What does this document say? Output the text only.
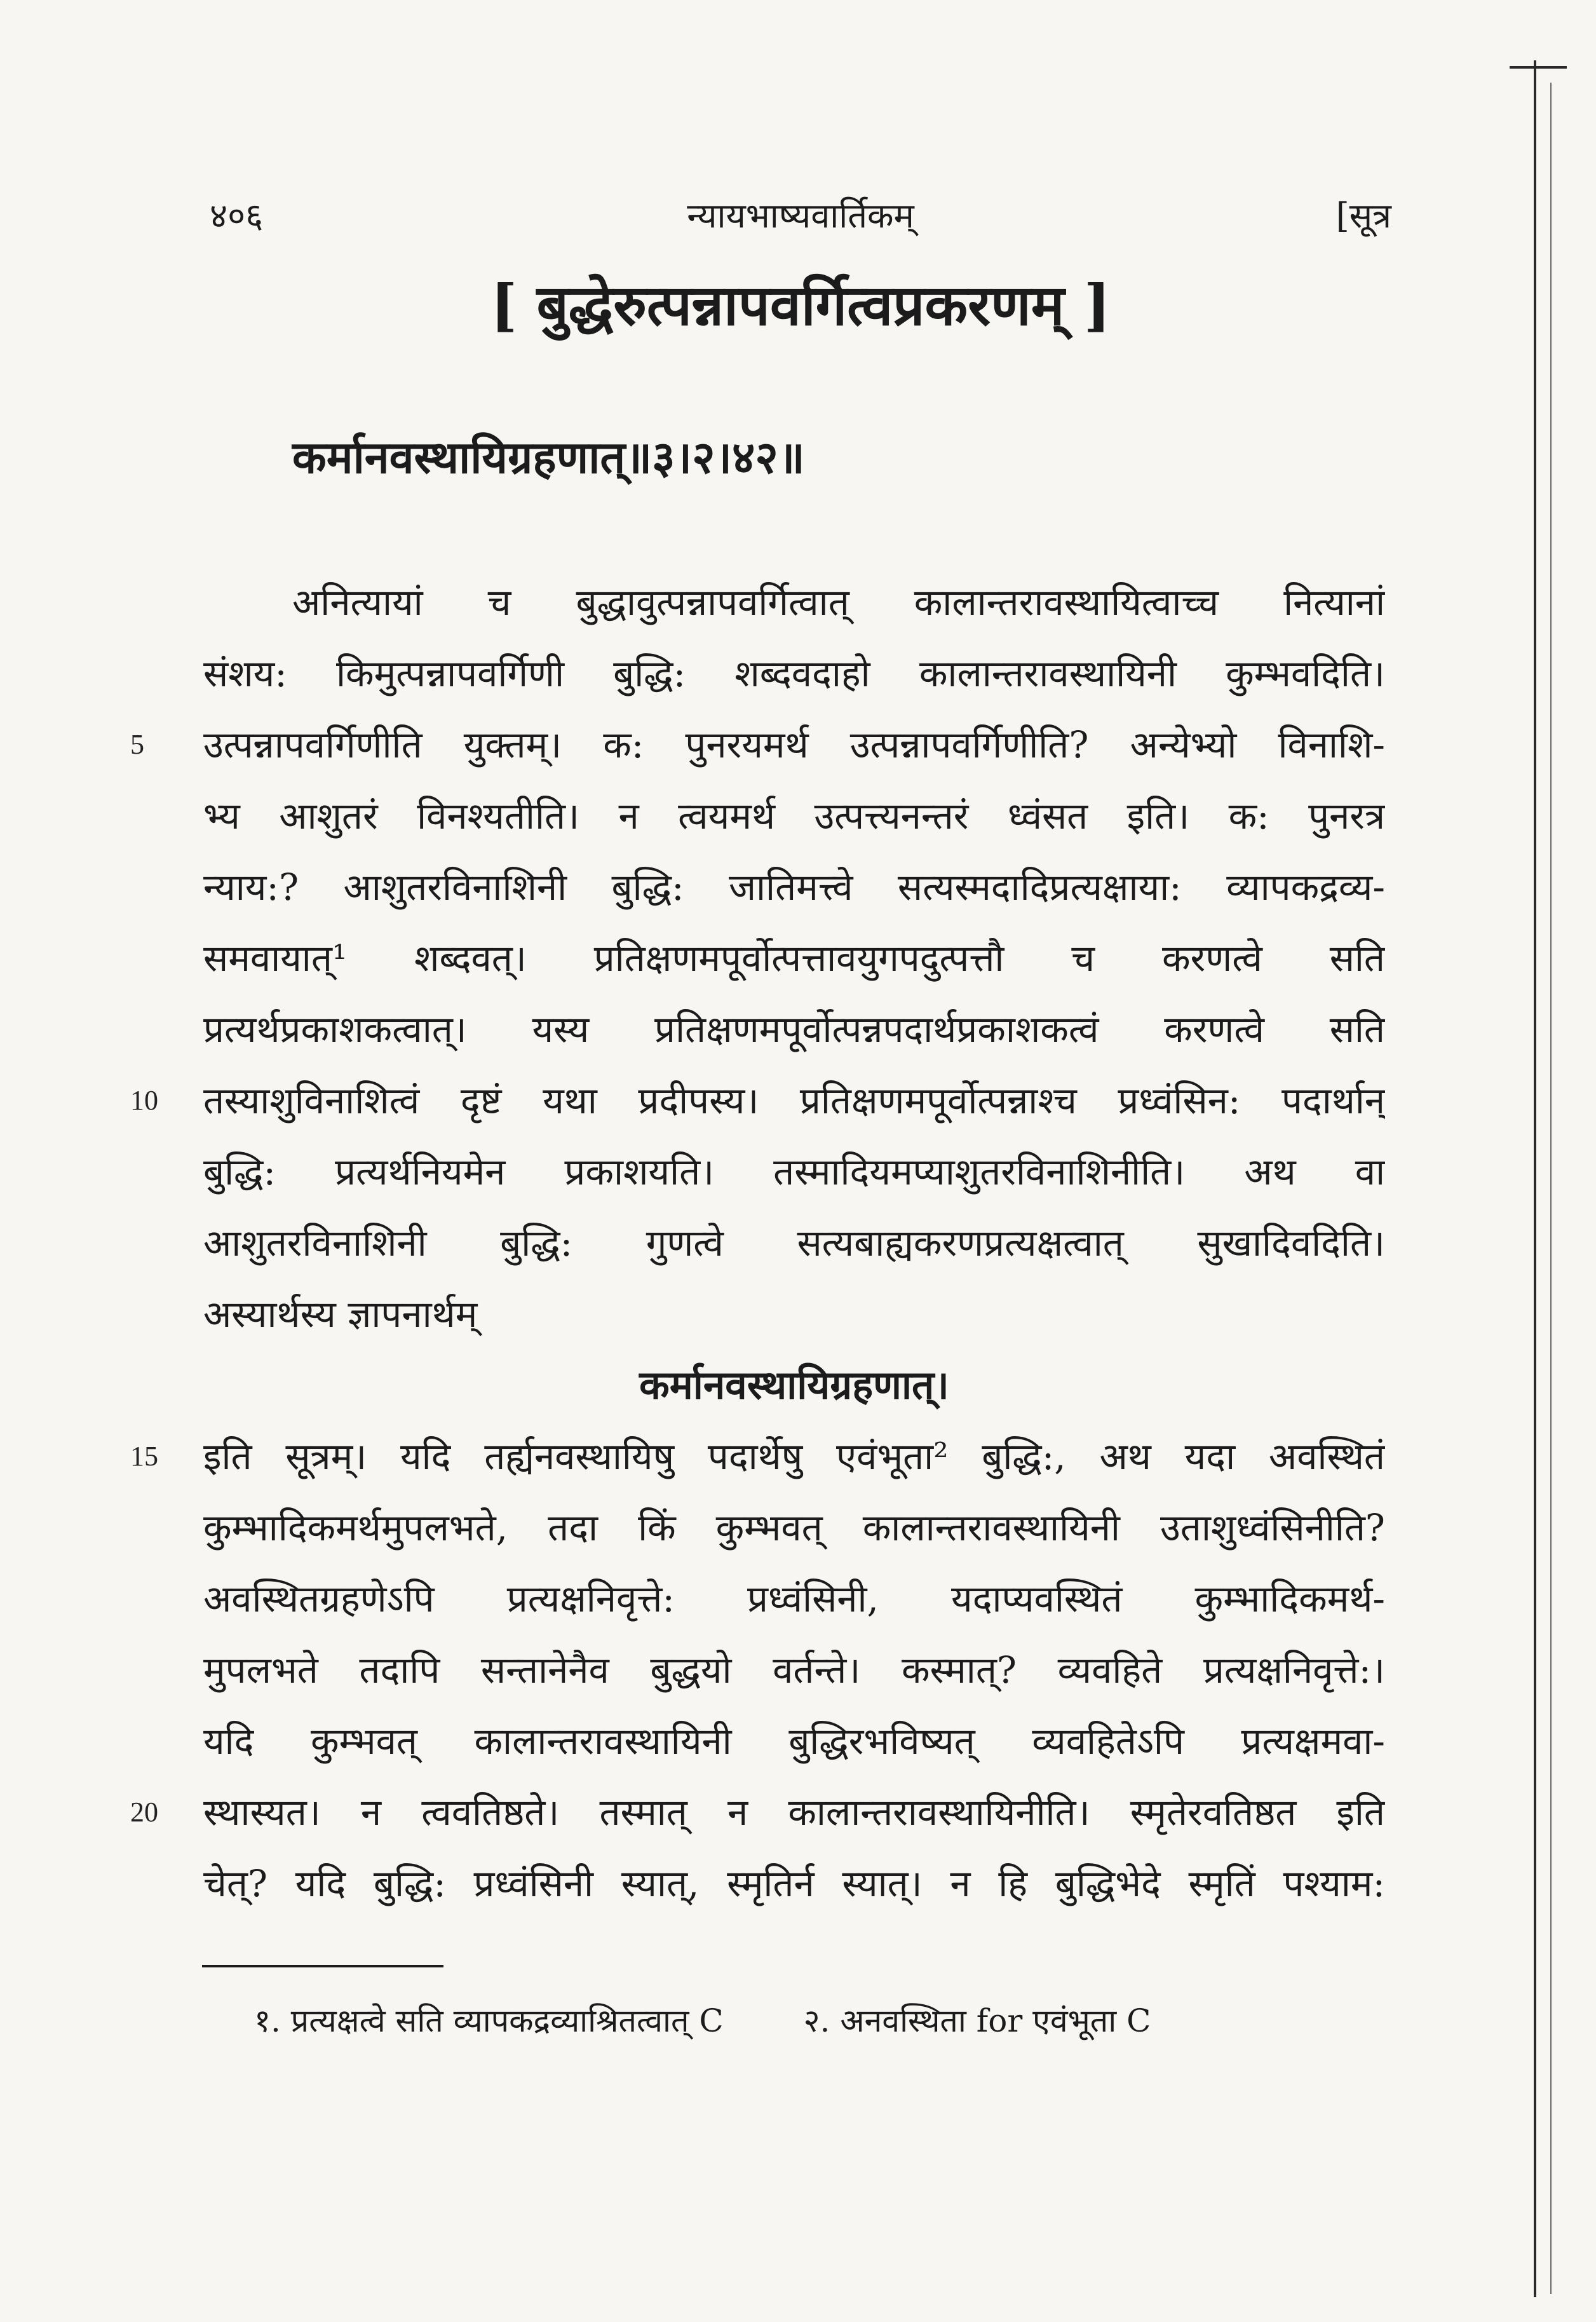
४०६	न्यायभाष्यवार्तिकम्	[सूत्र
[ बुद्धेरुत्पन्नापवर्गित्वप्रकरणम् ]
कर्मानवस्थायिग्रहणात्॥३।२।४२॥
अनित्यायां च बुद्धावुत्पन्नापवर्गित्वात् कालान्तरावस्थायित्वाच्च नित्यानां
संशय: किमुत्पन्नापवर्गिणी बुद्धि: शब्दवदाहो कालान्तरावस्थायिनी कुम्भवदिति।
उत्पन्नापवर्गिणीति युक्तम्। क: पुनरयमर्थ उत्पन्नापवर्गिणीति? अन्येभ्यो विनाशि-
भ्य आशुतरं विनश्यतीति। न त्वयमर्थ उत्पत्त्यनन्तरं ध्वंसत इति। क: पुनरत्र
न्याय:? आशुतरविनाशिनी बुद्धि: जातिमत्त्वे सत्यस्मदादिप्रत्यक्षाया: व्यापकद्रव्य-
समवायात्¹ शब्दवत्। प्रतिक्षणमपूर्वोत्पत्तावयुगपदुत्पत्तौ च करणत्वे सति
प्रत्यर्थप्रकाशकत्वात्। यस्य प्रतिक्षणमपूर्वोत्पन्नपदार्थप्रकाशकत्वं करणत्वे सति
तस्याशुविनाशित्वं दृष्टं यथा प्रदीपस्य। प्रतिक्षणमपूर्वोत्पन्नाश्च प्रध्वंसिन: पदार्थान्
बुद्धि: प्रत्यर्थनियमेन प्रकाशयति। तस्मादियमप्याशुतरविनाशिनीति। अथ वा
आशुतरविनाशिनी बुद्धि: गुणत्वे सत्यबाह्यकरणप्रत्यक्षत्वात् सुखादिवदिति।
अस्यार्थस्य ज्ञापनार्थम्
कर्मानवस्थायिग्रहणात्।
इति सूत्रम्। यदि तर्ह्यनवस्थायिषु पदार्थेषु एवंभूता² बुद्धि:, अथ यदा अवस्थितं
कुम्भादिकमर्थमुपलभते, तदा किं कुम्भवत् कालान्तरावस्थायिनी उताशुध्वंसिनीति?
अवस्थितग्रहणेऽपि प्रत्यक्षनिवृत्ते: प्रध्वंसिनी, यदाप्यवस्थितं कुम्भादिकमर्थ-
मुपलभते तदापि सन्तानेनैव बुद्धयो वर्तन्ते। कस्मात्? व्यवहिते प्रत्यक्षनिवृत्ते:।
यदि कुम्भवत् कालान्तरावस्थायिनी बुद्धिरभविष्यत् व्यवहितेऽपि प्रत्यक्षमवा-
स्थास्यत। न त्ववतिष्ठते। तस्मात् न कालान्तरावस्थायिनीति। स्मृतेरवतिष्ठत इति
चेत्? यदि बुद्धि: प्रध्वंसिनी स्यात्, स्मृतिर्न स्यात्। न हि बुद्धिभेदे स्मृतिं पश्याम:
5
10
15
20
१. प्रत्यक्षत्वे सति व्यापकद्रव्याश्रितत्वात् C	२. अनवस्थिता for एवंभूता C
